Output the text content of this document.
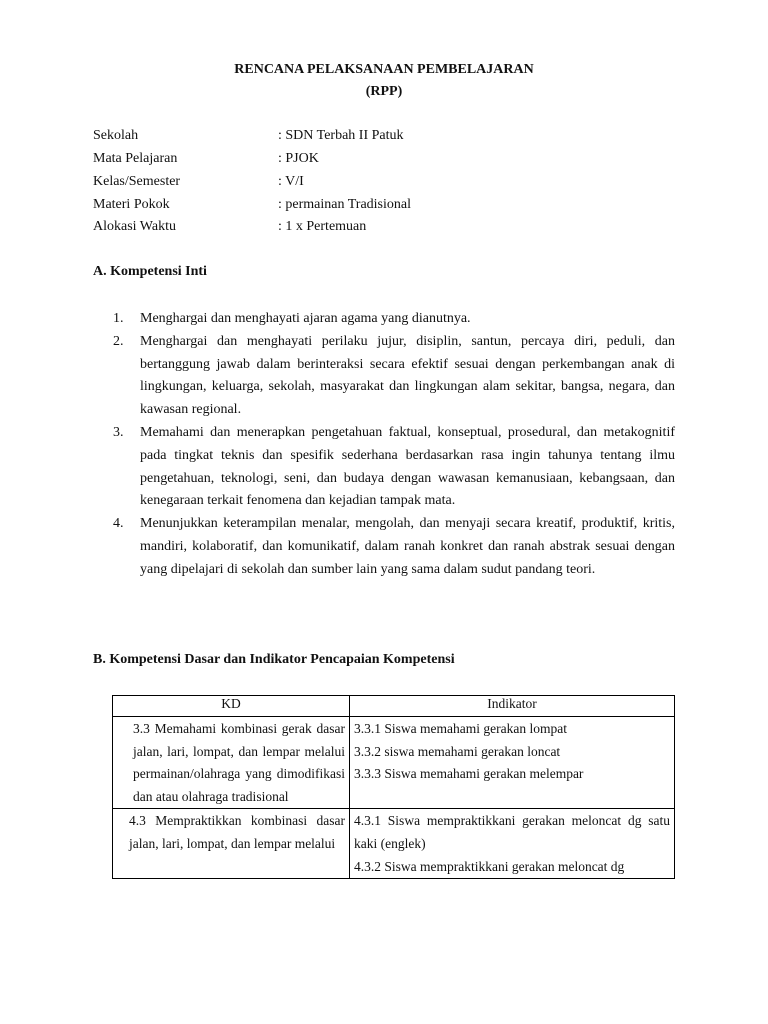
RENCANA PELAKSANAAN PEMBELAJARAN
(RPP)
Sekolah	: SDN Terbah II Patuk
Mata Pelajaran	: PJOK
Kelas/Semester	: V/I
Materi Pokok	: permainan Tradisional
Alokasi Waktu	: 1 x Pertemuan
A. Kompetensi Inti
1. Menghargai dan menghayati ajaran agama yang dianutnya.
2. Menghargai dan menghayati perilaku jujur, disiplin, santun, percaya diri, peduli, dan bertanggung jawab dalam berinteraksi secara efektif sesuai dengan perkembangan anak di lingkungan, keluarga, sekolah, masyarakat dan lingkungan alam sekitar, bangsa, negara, dan kawasan regional.
3. Memahami dan menerapkan pengetahuan faktual, konseptual, prosedural, dan metakognitif pada tingkat teknis dan spesifik sederhana berdasarkan rasa ingin tahunya tentang ilmu pengetahuan, teknologi, seni, dan budaya dengan wawasan kemanusiaan, kebangsaan, dan kenegaraan terkait fenomena dan kejadian tampak mata.
4. Menunjukkan keterampilan menalar, mengolah, dan menyaji secara kreatif, produktif, kritis, mandiri, kolaboratif, dan komunikatif, dalam ranah konkret dan ranah abstrak sesuai dengan yang dipelajari di sekolah dan sumber lain yang sama dalam sudut pandang teori.
B. Kompetensi Dasar dan Indikator Pencapaian Kompetensi
KD	Indikator

3.3 Memahami kombinasi gerak dasar jalan, lari, lompat, dan lempar melalui permainan/olahraga yang dimodifikasi dan atau olahraga tradisional	3.3.1 Siswa memahami gerakan lompat
3.3.2 siswa memahami gerakan loncat
3.3.3 Siswa memahami gerakan melempar

4.3 Mempraktikkan kombinasi dasar jalan, lari, lompat, dan lempar melalui	4.3.1 Siswa mempraktikkani gerakan meloncat dg satu kaki (englek)
4.3.2 Siswa mempraktikkani gerakan meloncat dg
